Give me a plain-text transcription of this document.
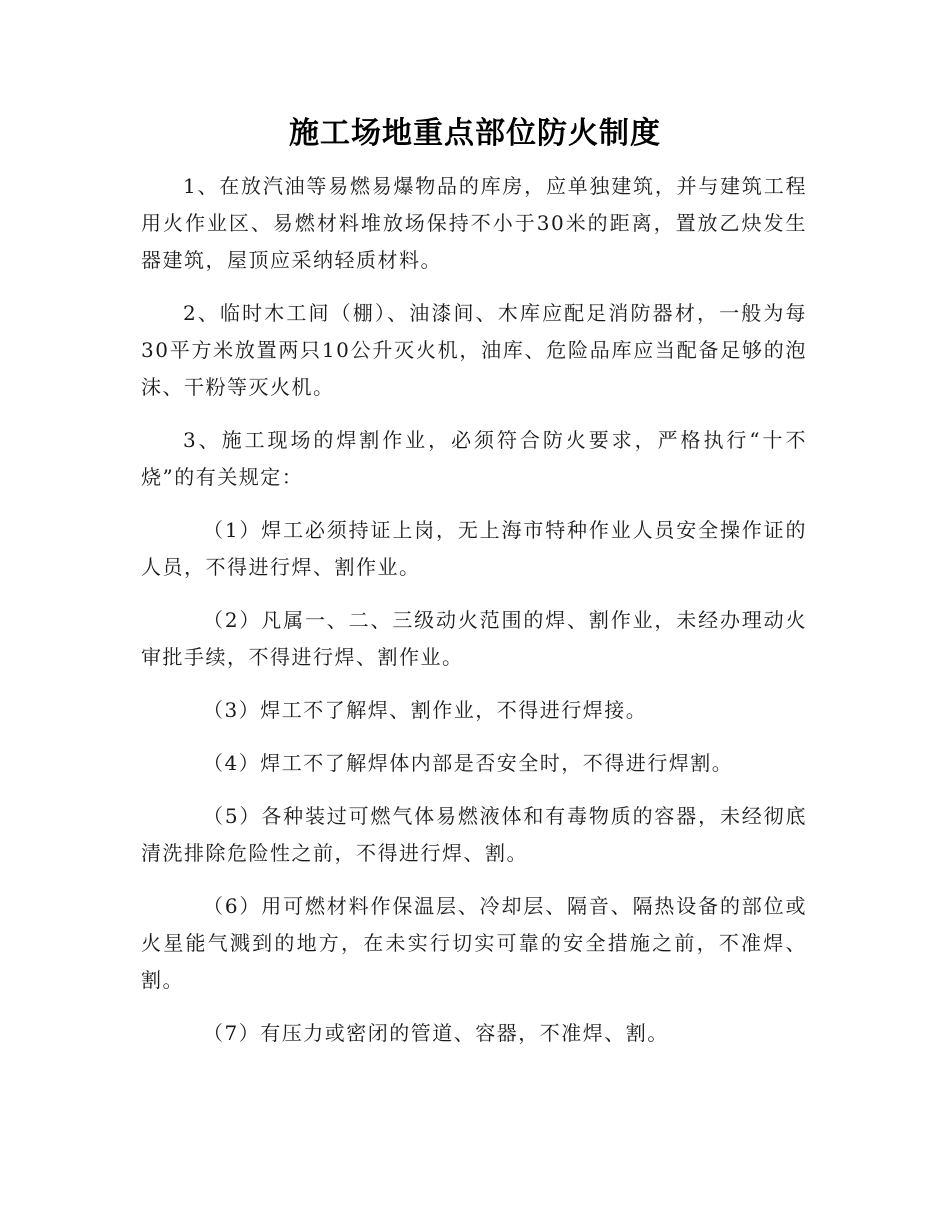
施工场地重点部位防火制度

1、在放汽油等易燃易爆物品的库房，应单独建筑，并与建筑工程用火作业区、易燃材料堆放场保持不小于30米的距离，置放乙炔发生器建筑，屋顶应采纳轻质材料。

2、临时木工间（棚）、油漆间、木库应配足消防器材，一般为每30平方米放置两只10公升灭火机，油库、危险品库应当配备足够的泡沫、干粉等灭火机。

3、施工现场的焊割作业，必须符合防火要求，严格执行“十不烧”的有关规定：

（1）焊工必须持证上岗，无上海市特种作业人员安全操作证的人员，不得进行焊、割作业。

（2）凡属一、二、三级动火范围的焊、割作业，未经办理动火审批手续，不得进行焊、割作业。

（3）焊工不了解焊、割作业，不得进行焊接。

（4）焊工不了解焊体内部是否安全时，不得进行焊割。

（5）各种装过可燃气体易燃液体和有毒物质的容器，未经彻底清洗排除危险性之前，不得进行焊、割。

（6）用可燃材料作保温层、冷却层、隔音、隔热设备的部位或火星能气溅到的地方，在未实行切实可靠的安全措施之前，不准焊、割。

（7）有压力或密闭的管道、容器，不准焊、割。
